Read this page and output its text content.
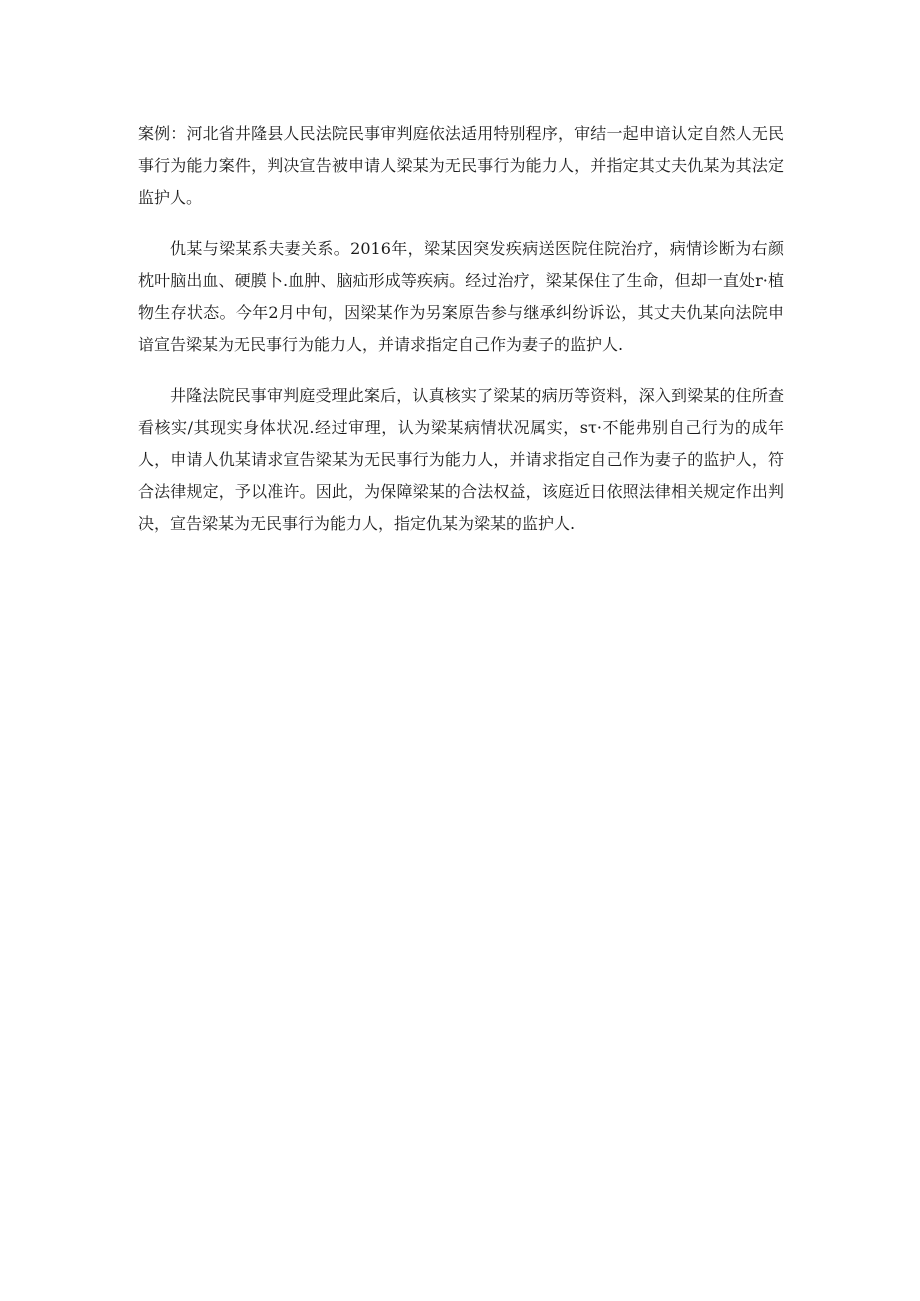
案例：河北省井隆县人民法院民事审判庭依法适用特别程序，审结一起申谙认定自然人无民事行为能力案件，判决宣告被申请人梁某为无民事行为能力人，并指定其丈夫仇某为其法定监护人。

仇某与梁某系夫妻关系。2016年，梁某因突发疾病送医院住院治疗，病情诊断为右颜枕叶脑出血、硬膜卜.血肿、脑疝形成等疾病。经过治疗，梁某保住了生命，但却一直处r·植物生存状态。今年2月中旬，因梁某作为另案原告参与继承纠纷诉讼，其丈夫仇某向法院申谙宣告梁某为无民事行为能力人，并请求指定自己作为妻子的监护人.

井隆法院民事审判庭受理此案后，认真核实了梁某的病历等资料，深入到梁某的住所查看核实/其现实身体状况.经过审理，认为梁某病情状况属实，sτ·不能弗别自己行为的成年人，申请人仇某请求宣告梁某为无民事行为能力人，并请求指定自己作为妻子的监护人，符合法律规定，予以准许。因此，为保障梁某的合法权益，该庭近日依照法律相关规定作出判决，宣告梁某为无民事行为能力人，指定仇某为梁某的监护人.
